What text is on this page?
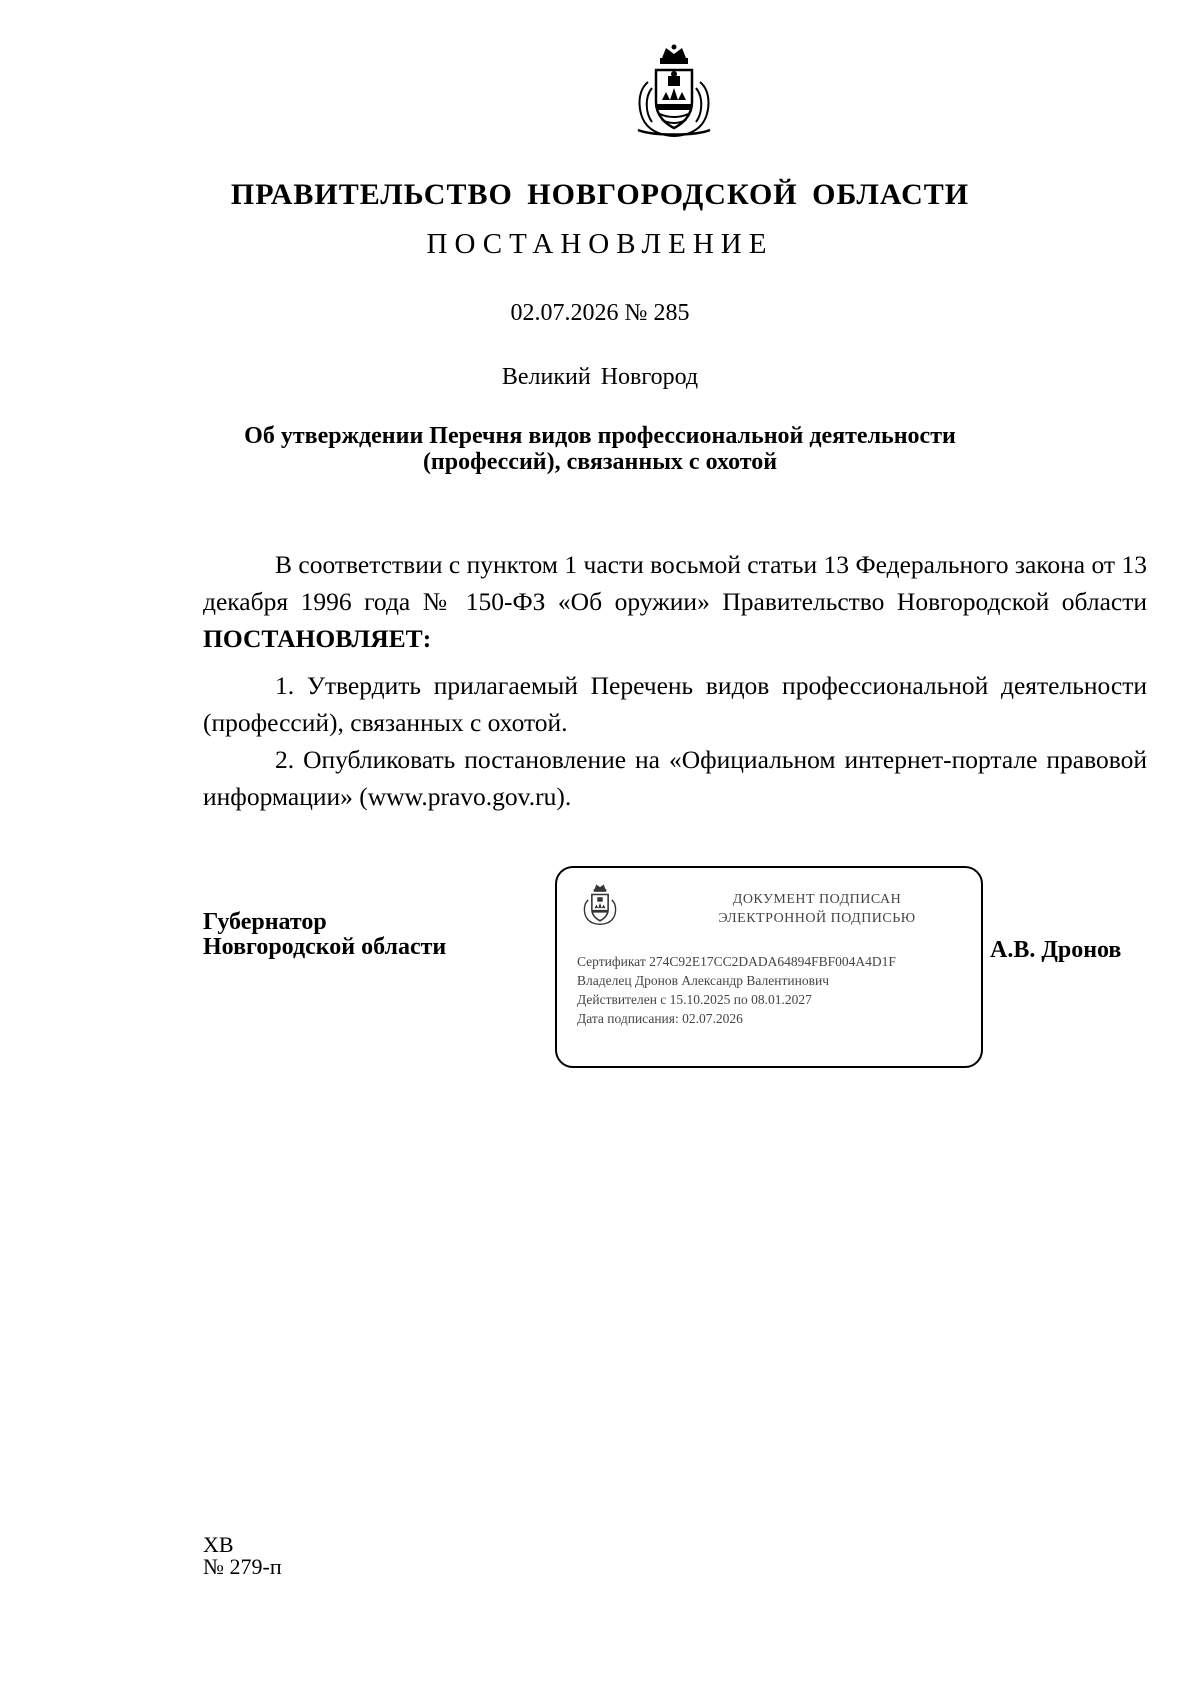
ПРАВИТЕЛЬСТВО НОВГОРОДСКОЙ ОБЛАСТИ
ПОСТАНОВЛЕНИЕ
02.07.2026 № 285
Великий Новгород
Об утверждении Перечня видов профессиональной деятельности
(профессий), связанных с охотой
В соответствии с пунктом 1 части восьмой статьи 13 Федерального закона от 13 декабря 1996 года № 150-ФЗ «Об оружии» Правительство Новгородской области ПОСТАНОВЛЯЕТ:
1. Утвердить прилагаемый Перечень видов профессиональной деятельности (профессий), связанных с охотой.
2. Опубликовать постановление на «Официальном интернет-портале правовой информации» (www.pravo.gov.ru).
Губернатор
Новгородской области
ДОКУМЕНТ ПОДПИСАН
ЭЛЕКТРОННОЙ ПОДПИСЬЮ
Сертификат 274C92E17CC2DADA64894FBF004A4D1F
Владелец Дронов Александр Валентинович
Действителен с 15.10.2025 по 08.01.2027
Дата подписания: 02.07.2026
А.В. Дронов
ХВ
№ 279-п
